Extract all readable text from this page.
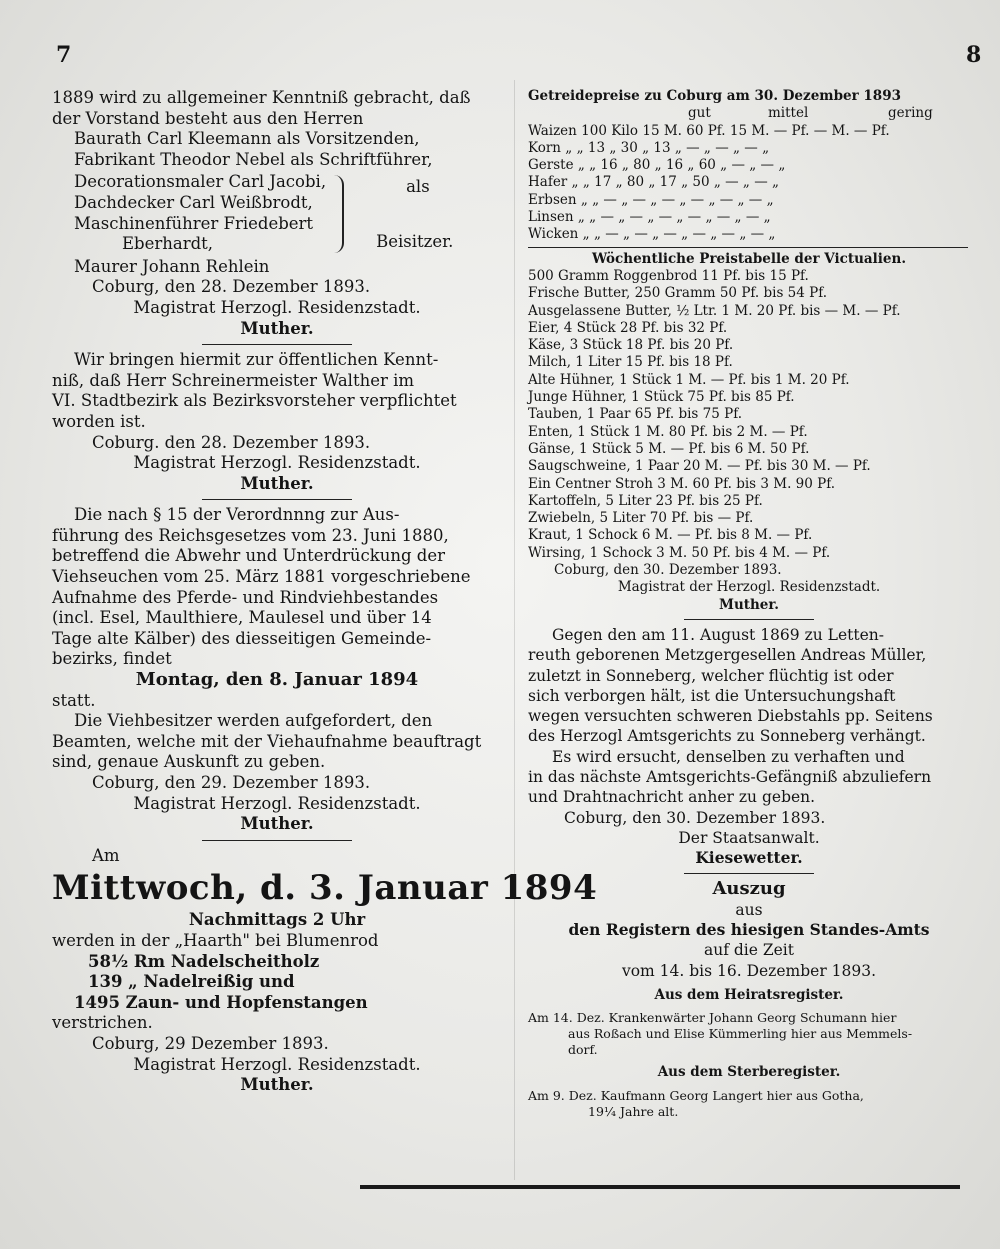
7	8
1889 wird zu allgemeiner Kenntniß gebracht, daß
der Vorstand besteht aus den Herren
Baurath Carl Kleemann als Vorsitzenden,
Fabrikant Theodor Nebel als Schriftführer,
Decorationsmaler Carl Jacobi,
Dachdecker Carl Weißbrodt,
Maschinenführer Friedebert
Eberhardt,
als
Beisitzer.
Maurer Johann Rehlein
Coburg, den 28. Dezember 1893.
Magistrat Herzogl. Residenzstadt.
Muther.
Wir bringen hiermit zur öffentlichen Kennt-
niß, daß Herr Schreinermeister Walther im
VI. Stadtbezirk als Bezirksvorsteher verpflichtet
worden ist.
Coburg. den 28. Dezember 1893.
Magistrat Herzogl. Residenzstadt.
Muther.
Die nach § 15 der Verordnnng zur Aus-
führung des Reichsgesetzes vom 23. Juni 1880,
betreffend die Abwehr und Unterdrückung der
Viehseuchen vom 25. März 1881 vorgeschriebene
Aufnahme des Pferde- und Rindviehbestandes
(incl. Esel, Maulthiere, Maulesel und über 14
Tage alte Kälber) des diesseitigen Gemeinde-
bezirks, findet
Montag, den 8. Januar 1894
statt.
Die Viehbesitzer werden aufgefordert, den
Beamten, welche mit der Viehaufnahme beauftragt
sind, genaue Auskunft zu geben.
Coburg, den 29. Dezember 1893.
Magistrat Herzogl. Residenzstadt.
Muther.
Am
Mittwoch, d. 3. Januar 1894
Nachmittags 2 Uhr
werden in der „Haarth" bei Blumenrod
58½ Rm Nadelscheitholz
139 „ Nadelreißig und
1495 Zaun- und Hopfenstangen
verstrichen.
Coburg, 29 Dezember 1893.
Magistrat Herzogl. Residenzstadt.
Muther.
Getreidepreise zu Coburg am 30. Dezember 1893
gut	mittel	gering
Waizen 100 Kilo 15 M. 60 Pf. 15 M. — Pf. — M. — Pf.
Korn „ „ 13 „ 30 „ 13 „ — „ — „ — „
Gerste „ „ 16 „ 80 „ 16 „ 60 „ — „ — „
Hafer „ „ 17 „ 80 „ 17 „ 50 „ — „ — „
Erbsen „ „ — „ — „ — „ — „ — „ — „
Linsen „ „ — „ — „ — „ — „ — „ — „
Wicken „ „ — „ — „ — „ — „ — „ — „
Wöchentliche Preistabelle der Victualien.
500 Gramm Roggenbrod 11 Pf. bis 15 Pf.
Frische Butter, 250 Gramm 50 Pf. bis 54 Pf.
Ausgelassene Butter, ½ Ltr. 1 M. 20 Pf. bis — M. — Pf.
Eier, 4 Stück 28 Pf. bis 32 Pf.
Käse, 3 Stück 18 Pf. bis 20 Pf.
Milch, 1 Liter 15 Pf. bis 18 Pf.
Alte Hühner, 1 Stück 1 M. — Pf. bis 1 M. 20 Pf.
Junge Hühner, 1 Stück 75 Pf. bis 85 Pf.
Tauben, 1 Paar 65 Pf. bis 75 Pf.
Enten, 1 Stück 1 M. 80 Pf. bis 2 M. — Pf.
Gänse, 1 Stück 5 M. — Pf. bis 6 M. 50 Pf.
Saugschweine, 1 Paar 20 M. — Pf. bis 30 M. — Pf.
Ein Centner Stroh 3 M. 60 Pf. bis 3 M. 90 Pf.
Kartoffeln, 5 Liter 23 Pf. bis 25 Pf.
Zwiebeln, 5 Liter 70 Pf. bis — Pf.
Kraut, 1 Schock 6 M. — Pf. bis 8 M. — Pf.
Wirsing, 1 Schock 3 M. 50 Pf. bis 4 M. — Pf.
Coburg, den 30. Dezember 1893.
Magistrat der Herzogl. Residenzstadt.
Muther.
Gegen den am 11. August 1869 zu Letten-
reuth geborenen Metzgergesellen Andreas Müller,
zuletzt in Sonneberg, welcher flüchtig ist oder
sich verborgen hält, ist die Untersuchungshaft
wegen versuchten schweren Diebstahls pp. Seitens
des Herzogl Amtsgerichts zu Sonneberg verhängt.
Es wird ersucht, denselben zu verhaften und
in das nächste Amtsgerichts-Gefängniß abzuliefern
und Drahtnachricht anher zu geben.
Coburg, den 30. Dezember 1893.
Der Staatsanwalt.
Kiesewetter.
Auszug
aus
den Registern des hiesigen Standes-Amts
auf die Zeit
vom 14. bis 16. Dezember 1893.
Aus dem Heiratsregister.
Am 14. Dez. Krankenwärter Johann Georg Schumann hier
aus Roßach und Elise Kümmerling hier aus Memmels-
dorf.
Aus dem Sterberegister.
Am 9. Dez. Kaufmann Georg Langert hier aus Gotha,
19¼ Jahre alt.
